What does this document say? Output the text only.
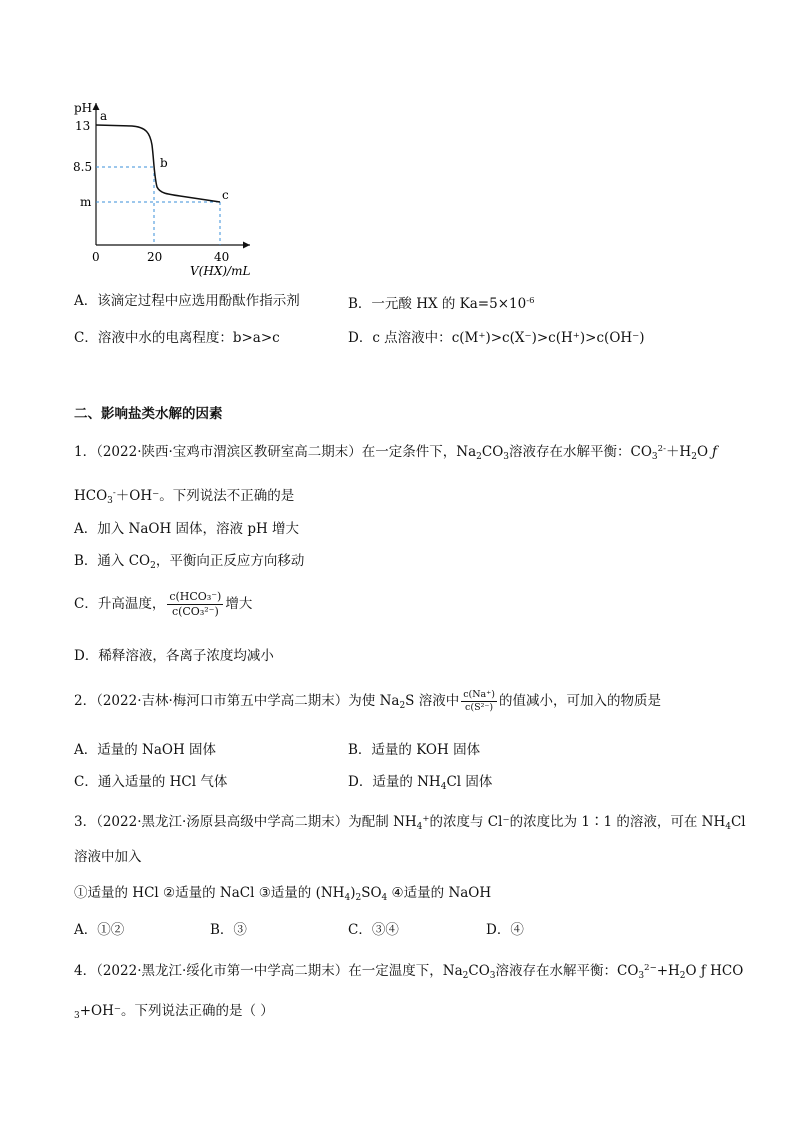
pH
13
8.5
m
0	20	40
V(HX)/mL
a
b
c
A．该滴定过程中应选用酚酞作指示剂	B．一元酸 HX 的 $Ka=5\times 10^{-6}$
C．溶液中水的电离程度：b>a>c	D．c 点溶液中：c(M⁺)>c(X⁻)>c(H⁺)>c(OH⁻)
二、影响盐类水解的因素
1．（2022·陕西·宝鸡市渭滨区教研室高二期末）在一定条件下，$Na_2CO_3$溶液存在水解平衡：$CO_3^{2-}+H_2O$ ƒ
$HCO_3^-+OH^-$。下列说法不正确的是
A．加入 NaOH 固体，溶液 pH 增大
B．通入 $CO_2$，平衡向正反应方向移动
C．升高温度， $\frac{\text{c(HCO₃⁻)}}{\text{c(CO₃²⁻)}}$ 增大
D．稀释溶液，各离子浓度均减小
2．（2022·吉林·梅河口市第五中学高二期末）为使 $Na_2S$ 溶液中 $\frac{c(Na^+)}{\text{c(S²⁻)}}$ 的值减小，可加入的物质是
A．适量的 NaOH 固体	B．适量的 KOH 固体
C．通入适量的 HCl 气体	D．适量的 $NH_4Cl$ 固体
3．（2022·黑龙江·汤原县高级中学高二期末）为配制 $NH_4^+$的浓度与 Cl⁻的浓度比为 1∶1 的溶液，可在 $NH_4Cl$
溶液中加入
①适量的 HCl ②适量的 NaCl ③适量的 $(NH_4)_2SO_4$ ④适量的 NaOH
A．①②	B．③	C．③④	D．④
4．（2022·黑龙江·绥化市第一中学高二期末）在一定温度下，$Na_2CO_3$溶液存在水解平衡：$CO_3^{2-}+H_2O$ ƒ HCO
$_3$+OH⁻。下列说法正确的是（ ）
